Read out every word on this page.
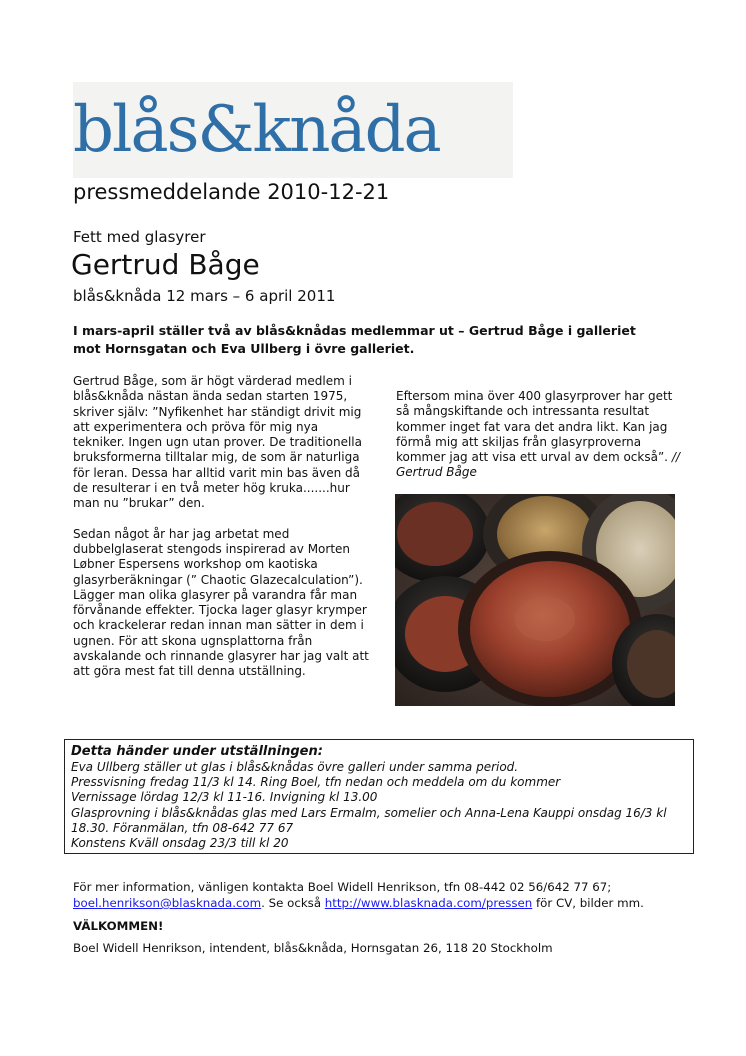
blås&knåda
pressmeddelande 2010-12-21
Fett med glasyrer
Gertrud Båge
blås&knåda 12 mars – 6 april 2011
I mars-april ställer två av blås&knådas medlemmar ut – Gertrud Båge i galleriet mot Hornsgatan och Eva Ullberg i övre galleriet.

Gertrud Båge, som är högt värderad medlem i blås&knåda nästan ända sedan starten 1975, skriver själv: ”Nyfikenhet har ständigt drivit mig att experimentera och pröva för mig nya tekniker. Ingen ugn utan prover. De traditionella bruksformerna tilltalar mig, de som är naturliga för leran. Dessa har alltid varit min bas även då de resulterar i en två meter hög kruka.......hur man nu ”brukar” den.

Sedan något år har jag arbetat med dubbelglaserat stengods inspirerad av Morten Løbner Espersens workshop om kaotiska glasyrberäkningar (” Chaotic Glazecalculation”). Lägger man olika glasyrer på varandra får man förvånande effekter. Tjocka lager glasyr krymper och krackelerar redan innan man sätter in dem i ugnen. För att skona ugnsplattorna från avskalande och rinnande glasyrer har jag valt att att göra mest fat till denna utställning.

Eftersom mina över 400 glasyrprover har gett så mångskiftande och intressanta resultat kommer inget fat vara det andra likt. Kan jag förmå mig att skiljas från glasyrproverna kommer jag att visa ett urval av dem också”. // Gertrud Båge
Detta händer under utställningen:
Eva Ullberg ställer ut glas i blås&knådas övre galleri under samma period.
Pressvisning fredag 11/3 kl 14. Ring Boel, tfn nedan och meddela om du kommer
Vernissage lördag 12/3 kl 11-16. Invigning kl 13.00
Glasprovning i blås&knådas glas med Lars Ermalm, somelier och Anna-Lena Kauppi onsdag 16/3 kl 18.30. Föranmälan, tfn 08-642 77 67
Konstens Kväll onsdag 23/3 till kl 20
För mer information, vänligen kontakta Boel Widell Henrikson, tfn 08-442 02 56/642 77 67;
boel.henrikson@blasknada.com. Se också http://www.blasknada.com/pressen för CV, bilder mm.
VÄLKOMMEN!
Boel Widell Henrikson, intendent, blås&knåda, Hornsgatan 26, 118 20 Stockholm
